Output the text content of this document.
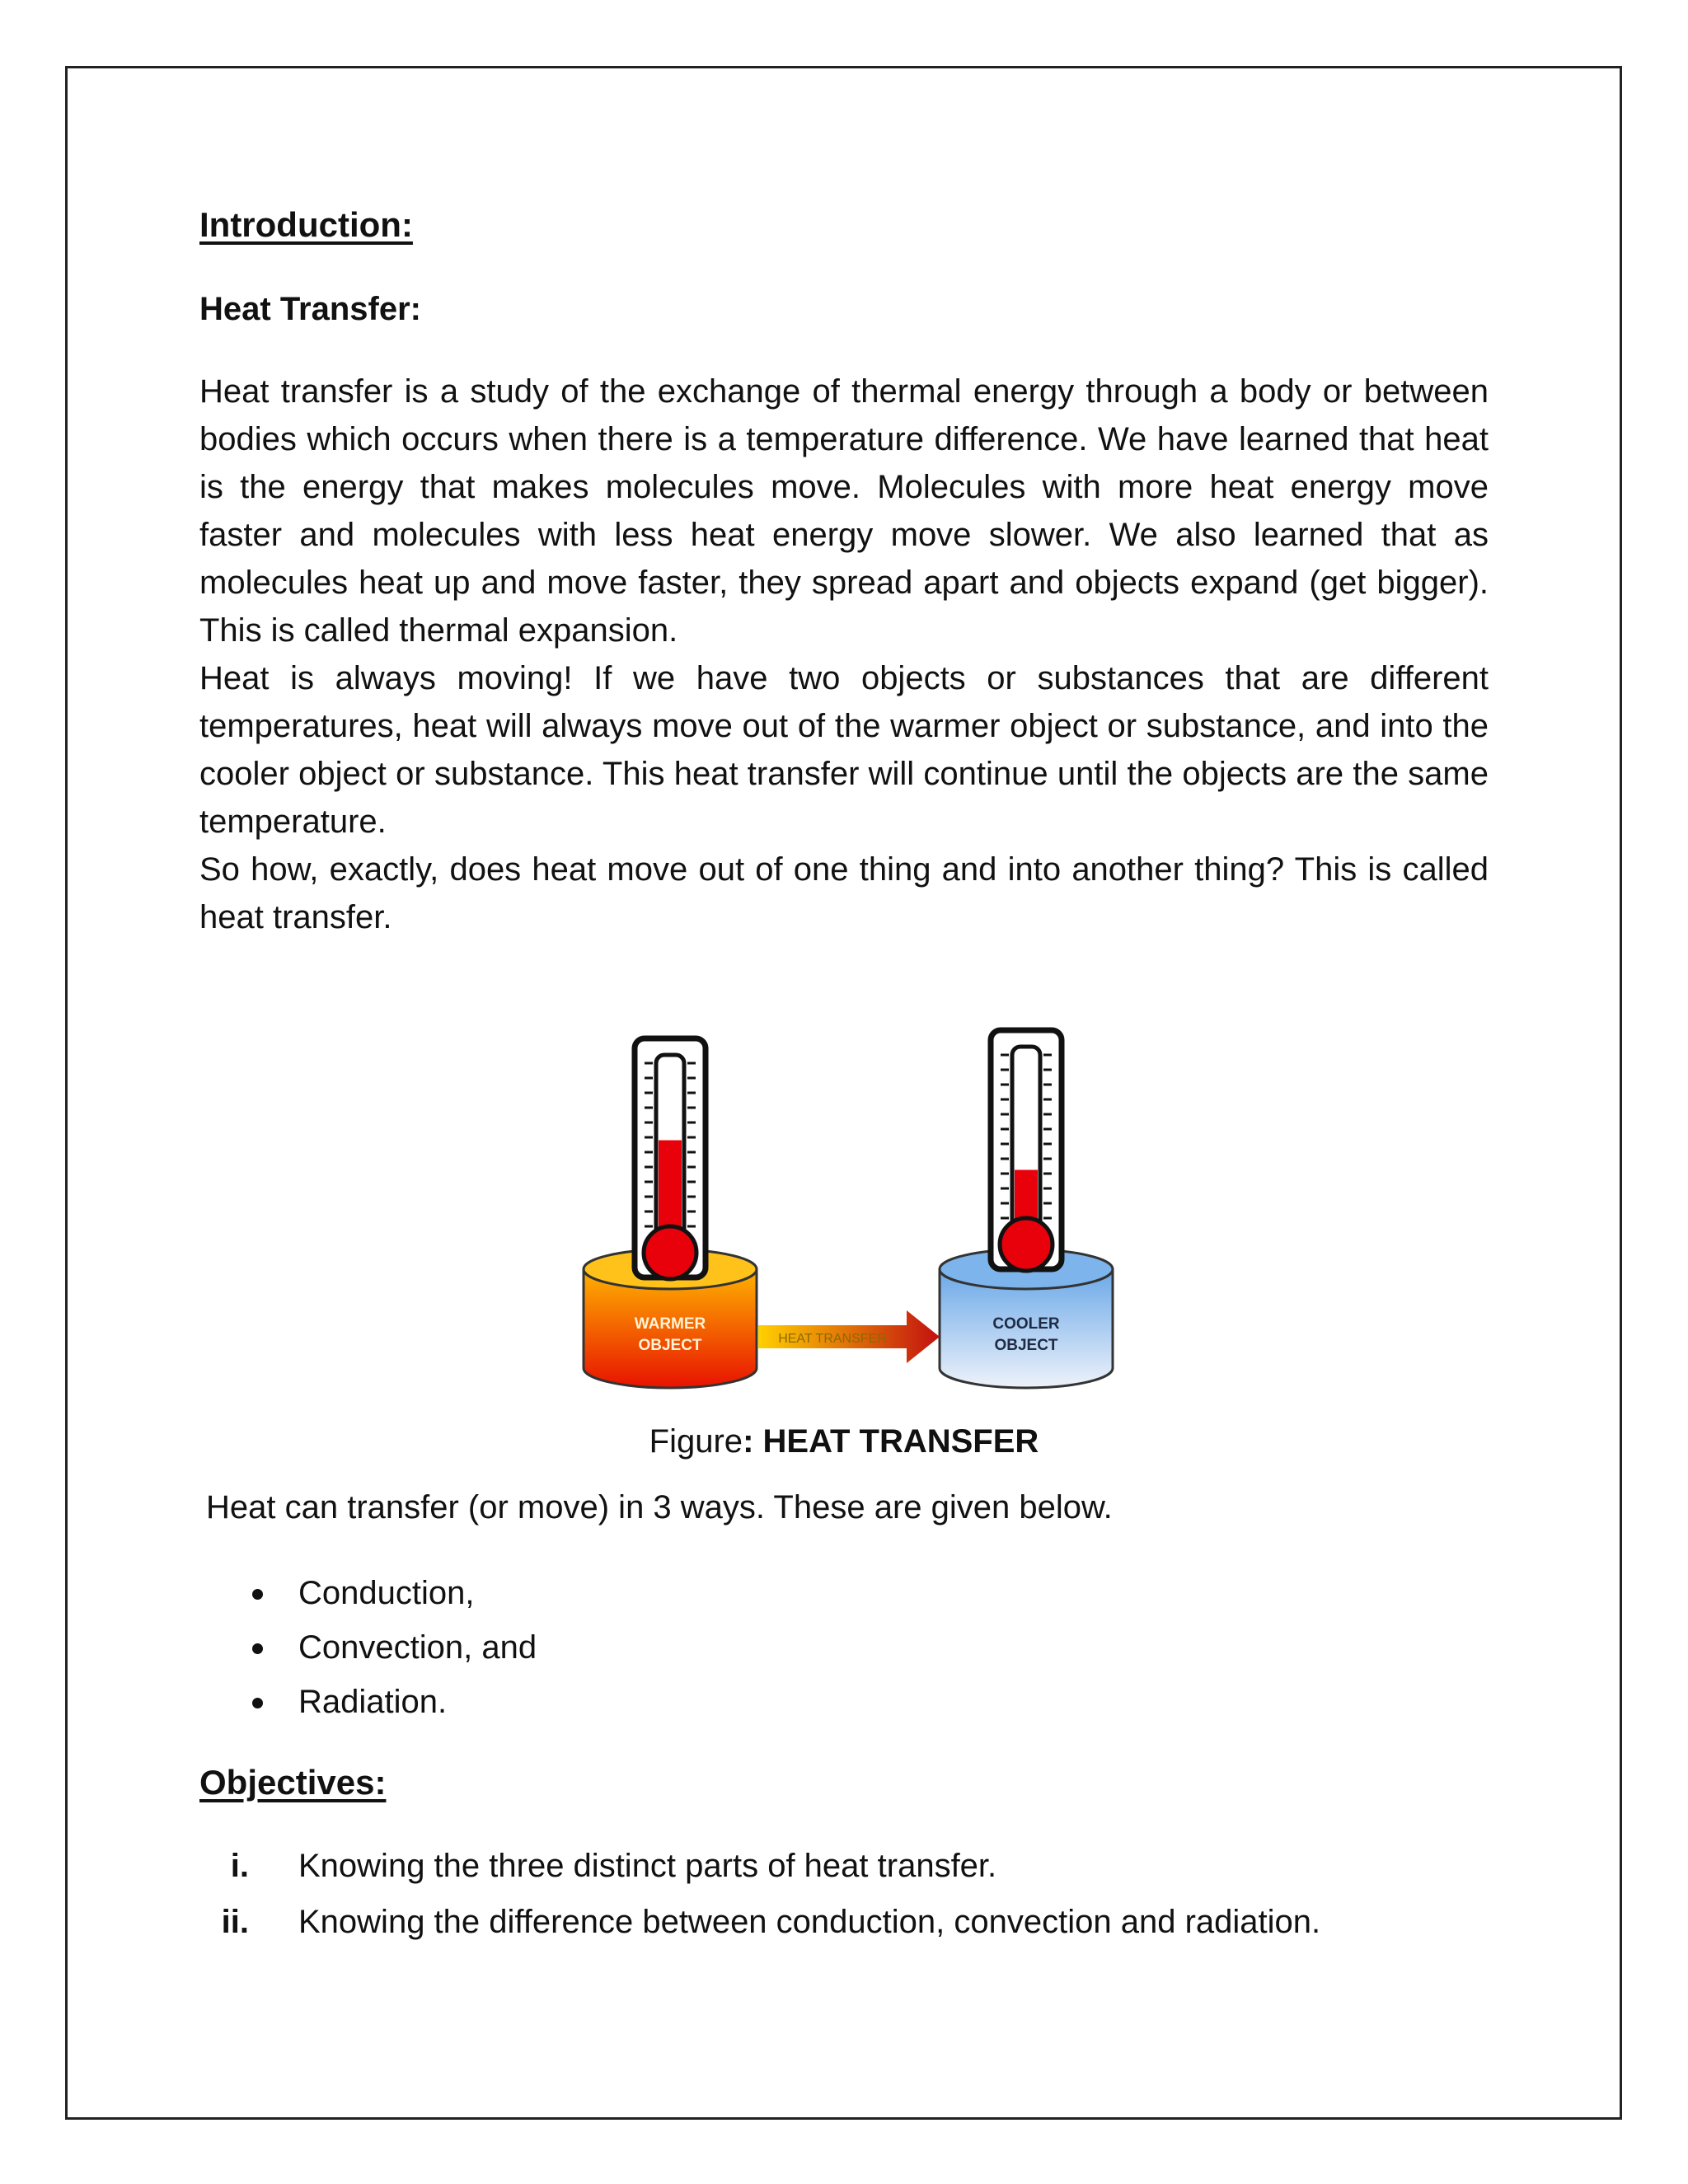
Introduction:
Heat Transfer:

Heat transfer is a study of the exchange of thermal energy through a body or between bodies which occurs when there is a temperature difference. We have learned that heat is the energy that makes molecules move. Molecules with more heat energy move faster and molecules with less heat energy move slower. We also learned that as molecules heat up and move faster, they spread apart and objects expand (get bigger). This is called thermal expansion.

Heat is always moving! If we have two objects or substances that are different temperatures, heat will always move out of the warmer object or substance, and into the cooler object or substance. This heat transfer will continue until the objects are the same temperature.

So how, exactly, does heat move out of one thing and into another thing? This is called heat transfer.

WARMER
OBJECT
COOLER
OBJECT
HEAT TRANSFER

Figure: HEAT TRANSFER

Heat can transfer (or move) in 3 ways. These are given below.

Conduction,
Convection, and
Radiation.
Objectives:
i. Knowing the three distinct parts of heat transfer.
ii. Knowing the difference between conduction, convection and radiation.
